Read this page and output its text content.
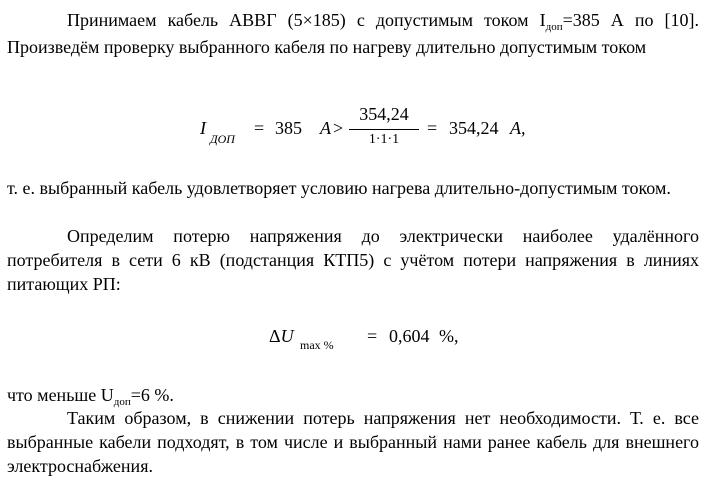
Принимаем кабель АВВГ (5×185) с допустимым током $I_{доп}=385$ А по [10]. Произведём проверку выбранного кабеля по нагреву длительно допустимым током

I
ДОП
= 385 А >
354,24
1·1·1
= 354,24 А,

т. е. выбранный кабель удовлетворяет условию нагрева длительно-допустимым током.

Определим потерю напряжения до электрически наиболее удалённого потребителя в сети 6 кВ (подстанция КТП5) с учётом потери напряжения в линиях питающих РП:

ΔU max % = 0,604 %,

что меньше $U_{доп}=6$ %.

Таким образом, в снижении потерь напряжения нет необходимости. Т. е. все выбранные кабели подходят, в том числе и выбранный нами ранее кабель для внешнего электроснабжения.
